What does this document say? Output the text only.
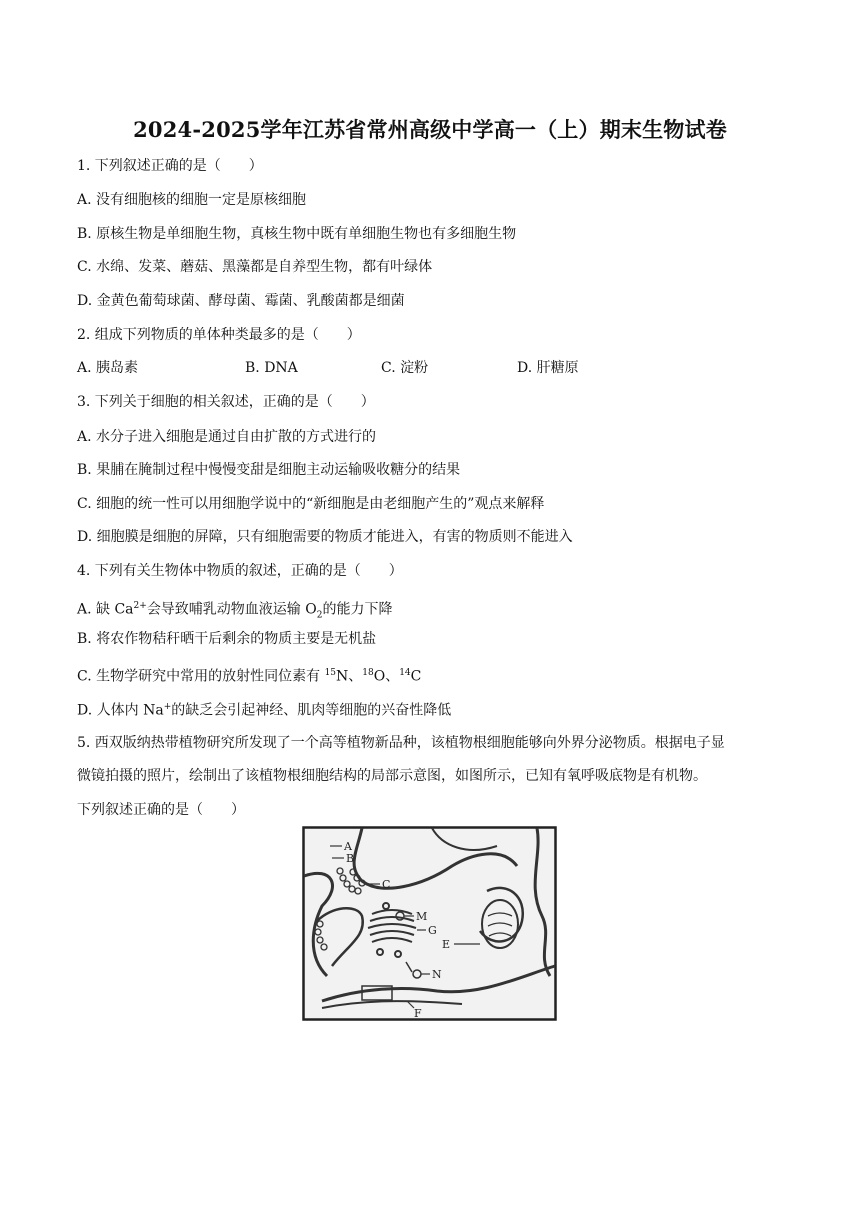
2024-2025学年江苏省常州高级中学高一（上）期末生物试卷
1. 下列叙述正确的是（　　）
A. 没有细胞核的细胞一定是原核细胞
B. 原核生物是单细胞生物，真核生物中既有单细胞生物也有多细胞生物
C. 水绵、发菜、蘑菇、黑藻都是自养型生物，都有叶绿体
D. 金黄色葡萄球菌、酵母菌、霉菌、乳酸菌都是细菌
2. 组成下列物质的单体种类最多的是（　　）
A. 胰岛素	B. DNA	C. 淀粉	D. 肝糖原
3. 下列关于细胞的相关叙述，正确的是（　　）
A. 水分子进入细胞是通过自由扩散的方式进行的
B. 果脯在腌制过程中慢慢变甜是细胞主动运输吸收糖分的结果
C. 细胞的统一性可以用细胞学说中的“新细胞是由老细胞产生的”观点来解释
D. 细胞膜是细胞的屏障，只有细胞需要的物质才能进入，有害的物质则不能进入
4. 下列有关生物体中物质的叙述，正确的是（　　）
A. 缺 $Ca^{2+}$会导致哺乳动物血液运输 $O_2$的能力下降
B. 将农作物秸秆晒干后剩余的物质主要是无机盐
C. 生物学研究中常用的放射性同位素有 $^{15}$N、$^{18}$O、$^{14}$C
D. 人体内 Na+的缺乏会引起神经、肌肉等细胞的兴奋性降低
5. 西双版纳热带植物研究所发现了一个高等植物新品种，该植物根细胞能够向外界分泌物质。根据电子显
微镜拍摄的照片，绘制出了该植物根细胞结构的局部示意图，如图所示，已知有氧呼吸底物是有机物。
下列叙述正确的是（　　）
A
B
C
M
G
E
N
F
